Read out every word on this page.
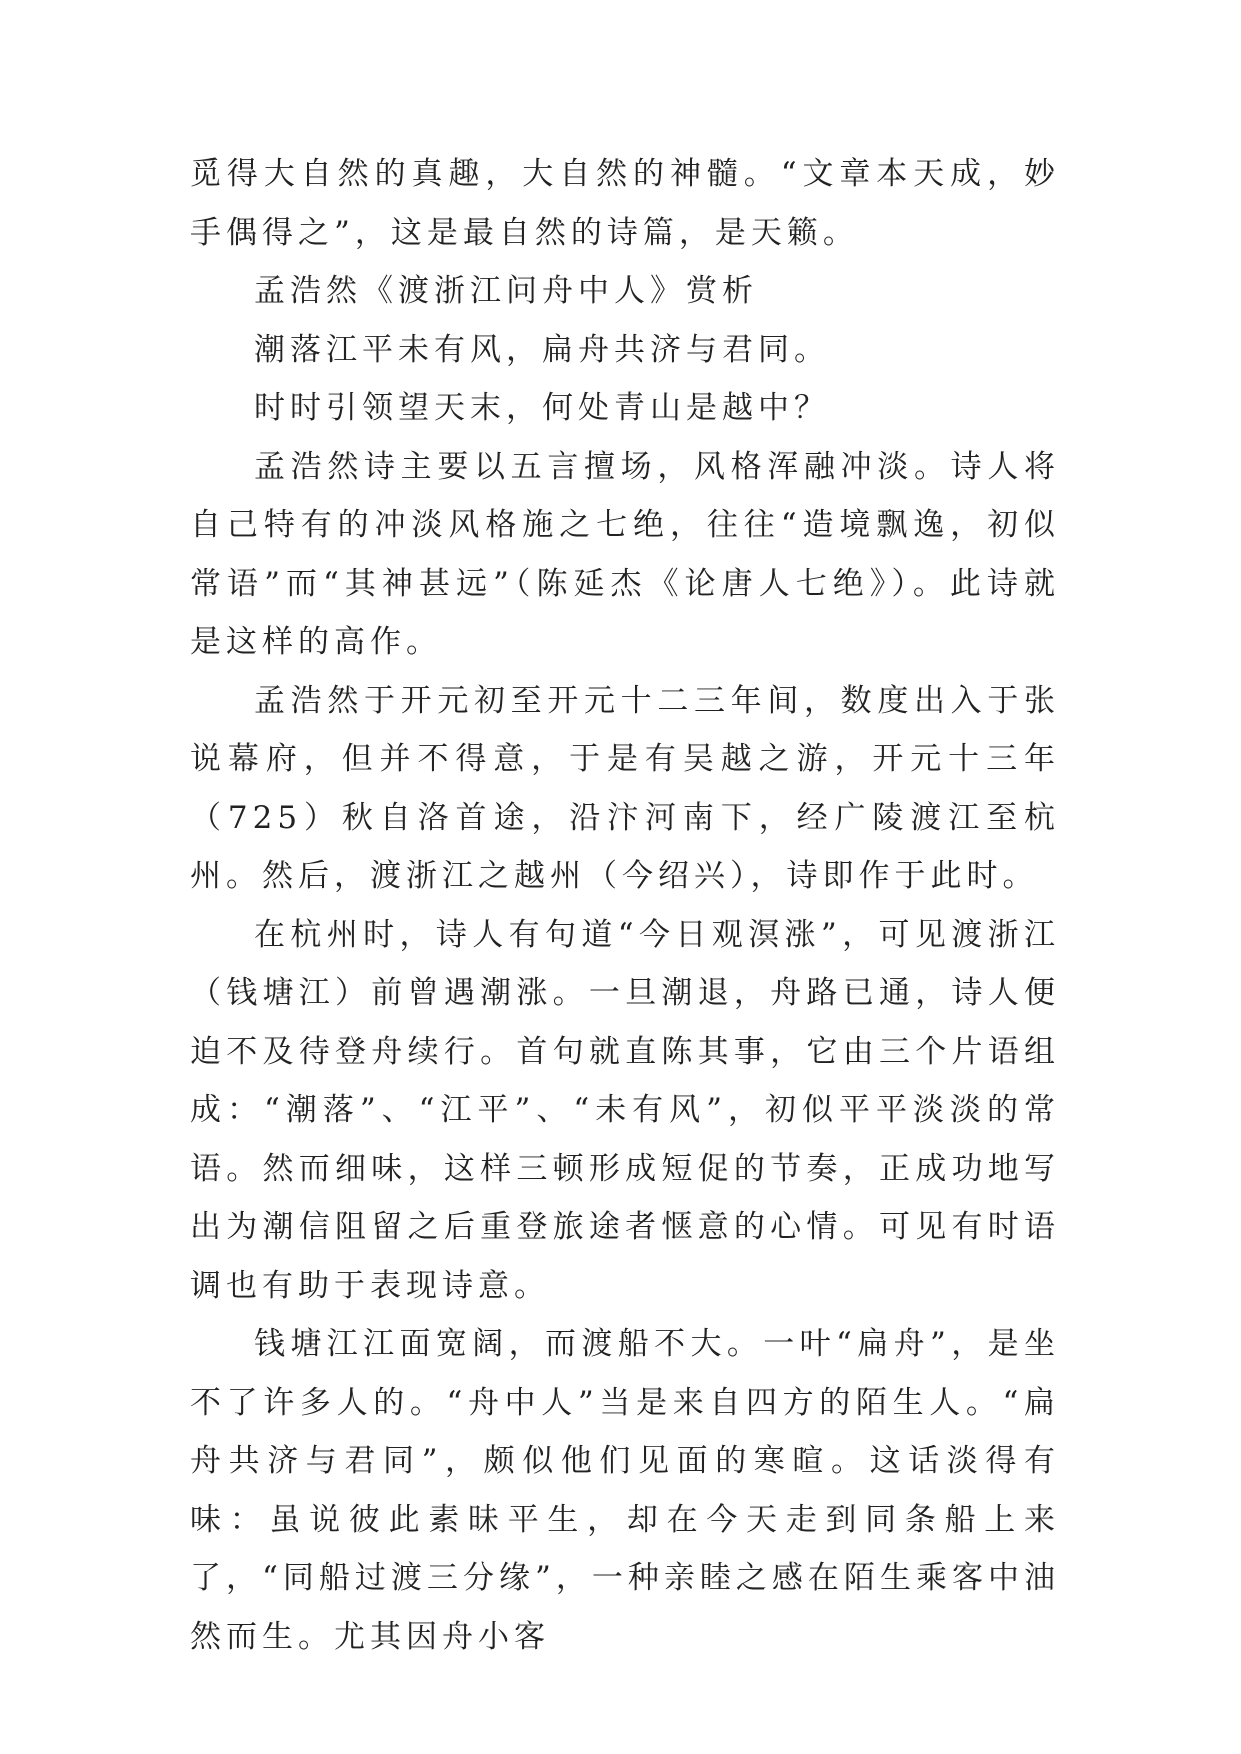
觅得大自然的真趣，大自然的神髓。“文章本天成，妙手偶得之”，这是最自然的诗篇，是天籁。

孟浩然《渡浙江问舟中人》赏析

潮落江平未有风，扁舟共济与君同。

时时引领望天末，何处青山是越中？

孟浩然诗主要以五言擅场，风格浑融冲淡。诗人将自己特有的冲淡风格施之七绝，往往“造境飘逸，初似常语”而“其神甚远”（陈延杰《论唐人七绝》）。此诗就是这样的高作。

孟浩然于开元初至开元十二三年间，数度出入于张说幕府，但并不得意，于是有吴越之游，开元十三年（725）秋自洛首途，沿汴河南下，经广陵渡江至杭州。然后，渡浙江之越州（今绍兴），诗即作于此时。

在杭州时，诗人有句道“今日观溟涨”，可见渡浙江（钱塘江）前曾遇潮涨。一旦潮退，舟路已通，诗人便迫不及待登舟续行。首句就直陈其事，它由三个片语组成：“潮落”、“江平”、“未有风”，初似平平淡淡的常语。然而细味，这样三顿形成短促的节奏，正成功地写出为潮信阻留之后重登旅途者惬意的心情。可见有时语调也有助于表现诗意。

钱塘江江面宽阔，而渡船不大。一叶“扁舟”，是坐不了许多人的。“舟中人”当是来自四方的陌生人。“扁舟共济与君同”，颇似他们见面的寒暄。这话淡得有味：虽说彼此素昧平生，却在今天走到同条船上来了，“同船过渡三分缘”，一种亲睦之感在陌生乘客中油然而生。尤其因舟小客
